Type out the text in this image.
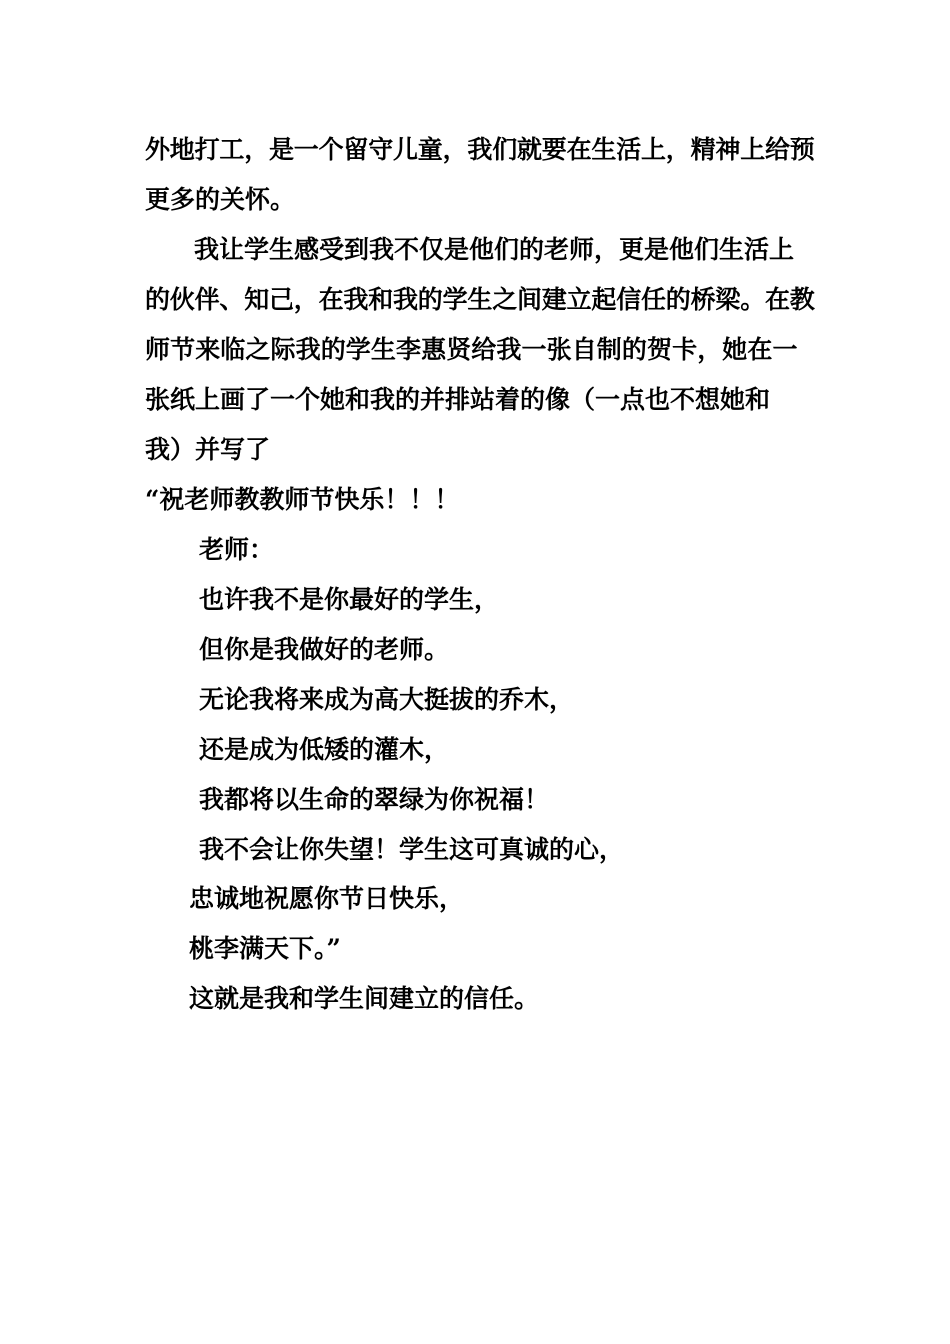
外地打工，是一个留守儿童，我们就要在生活上，精神上给预
更多的关怀。
我让学生感受到我不仅是他们的老师，更是他们生活上
的伙伴、知己，在我和我的学生之间建立起信任的桥梁。在教
师节来临之际我的学生李惠贤给我一张自制的贺卡，她在一
张纸上画了一个她和我的并排站着的像（一点也不想她和
我）并写了
“祝老师教教师节快乐！！！
老师：
也许我不是你最好的学生，
但你是我做好的老师。
无论我将来成为高大挺拔的乔木，
还是成为低矮的灌木，
我都将以生命的翠绿为你祝福！
我不会让你失望！学生这可真诚的心，
忠诚地祝愿你节日快乐，
桃李满天下。”
这就是我和学生间建立的信任。
